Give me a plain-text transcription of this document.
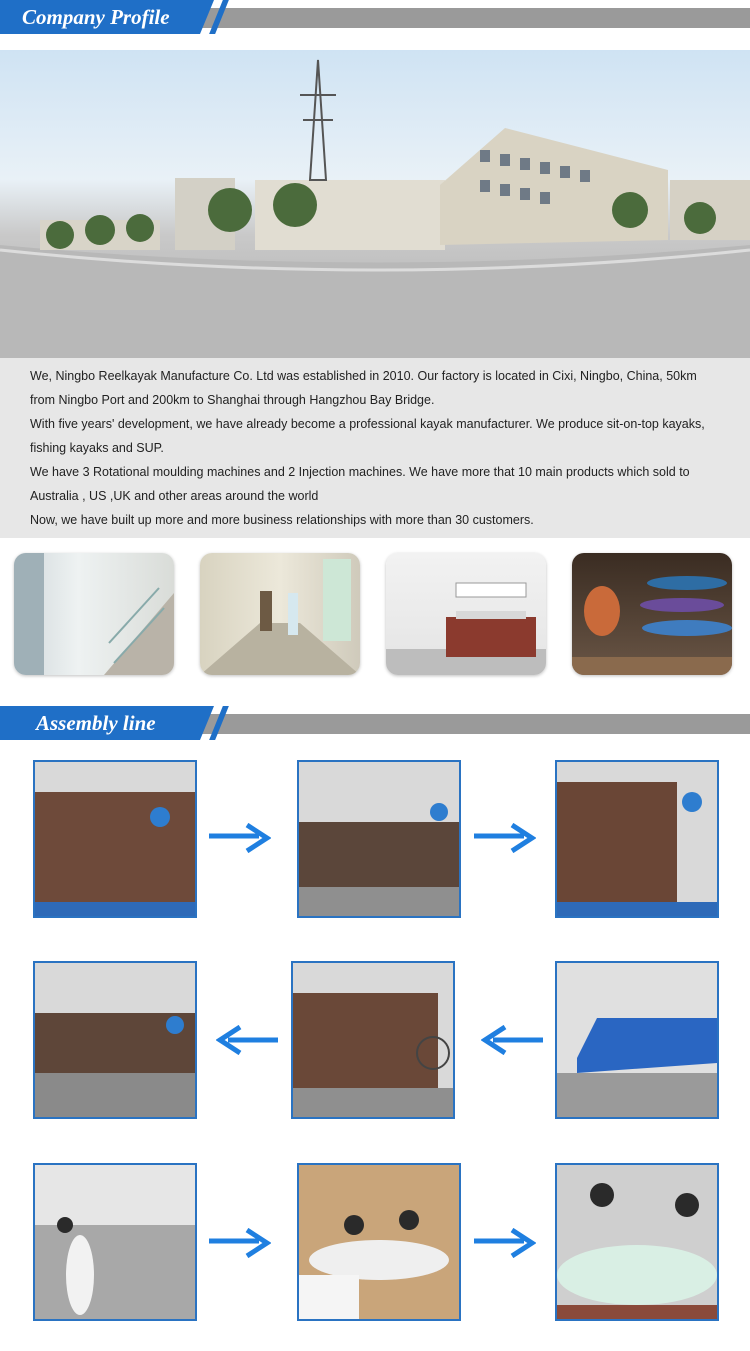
Company Profile

We, Ningbo Reelkayak Manufacture Co. Ltd was established in 2010. Our factory is located in Cixi, Ningbo, China, 50km from Ningbo Port and 200km to Shanghai through Hangzhou Bay Bridge.

With five years' development, we have already become a professional kayak manufacturer. We produce sit-on-top kayaks, fishing kayaks and SUP.

We have 3 Rotational moulding machines and 2 Injection machines. We have more that 10 main products which sold to Australia , US ,UK and other areas around the world

Now, we have built up more and more business relationships with more than 30 customers.

Assembly line
